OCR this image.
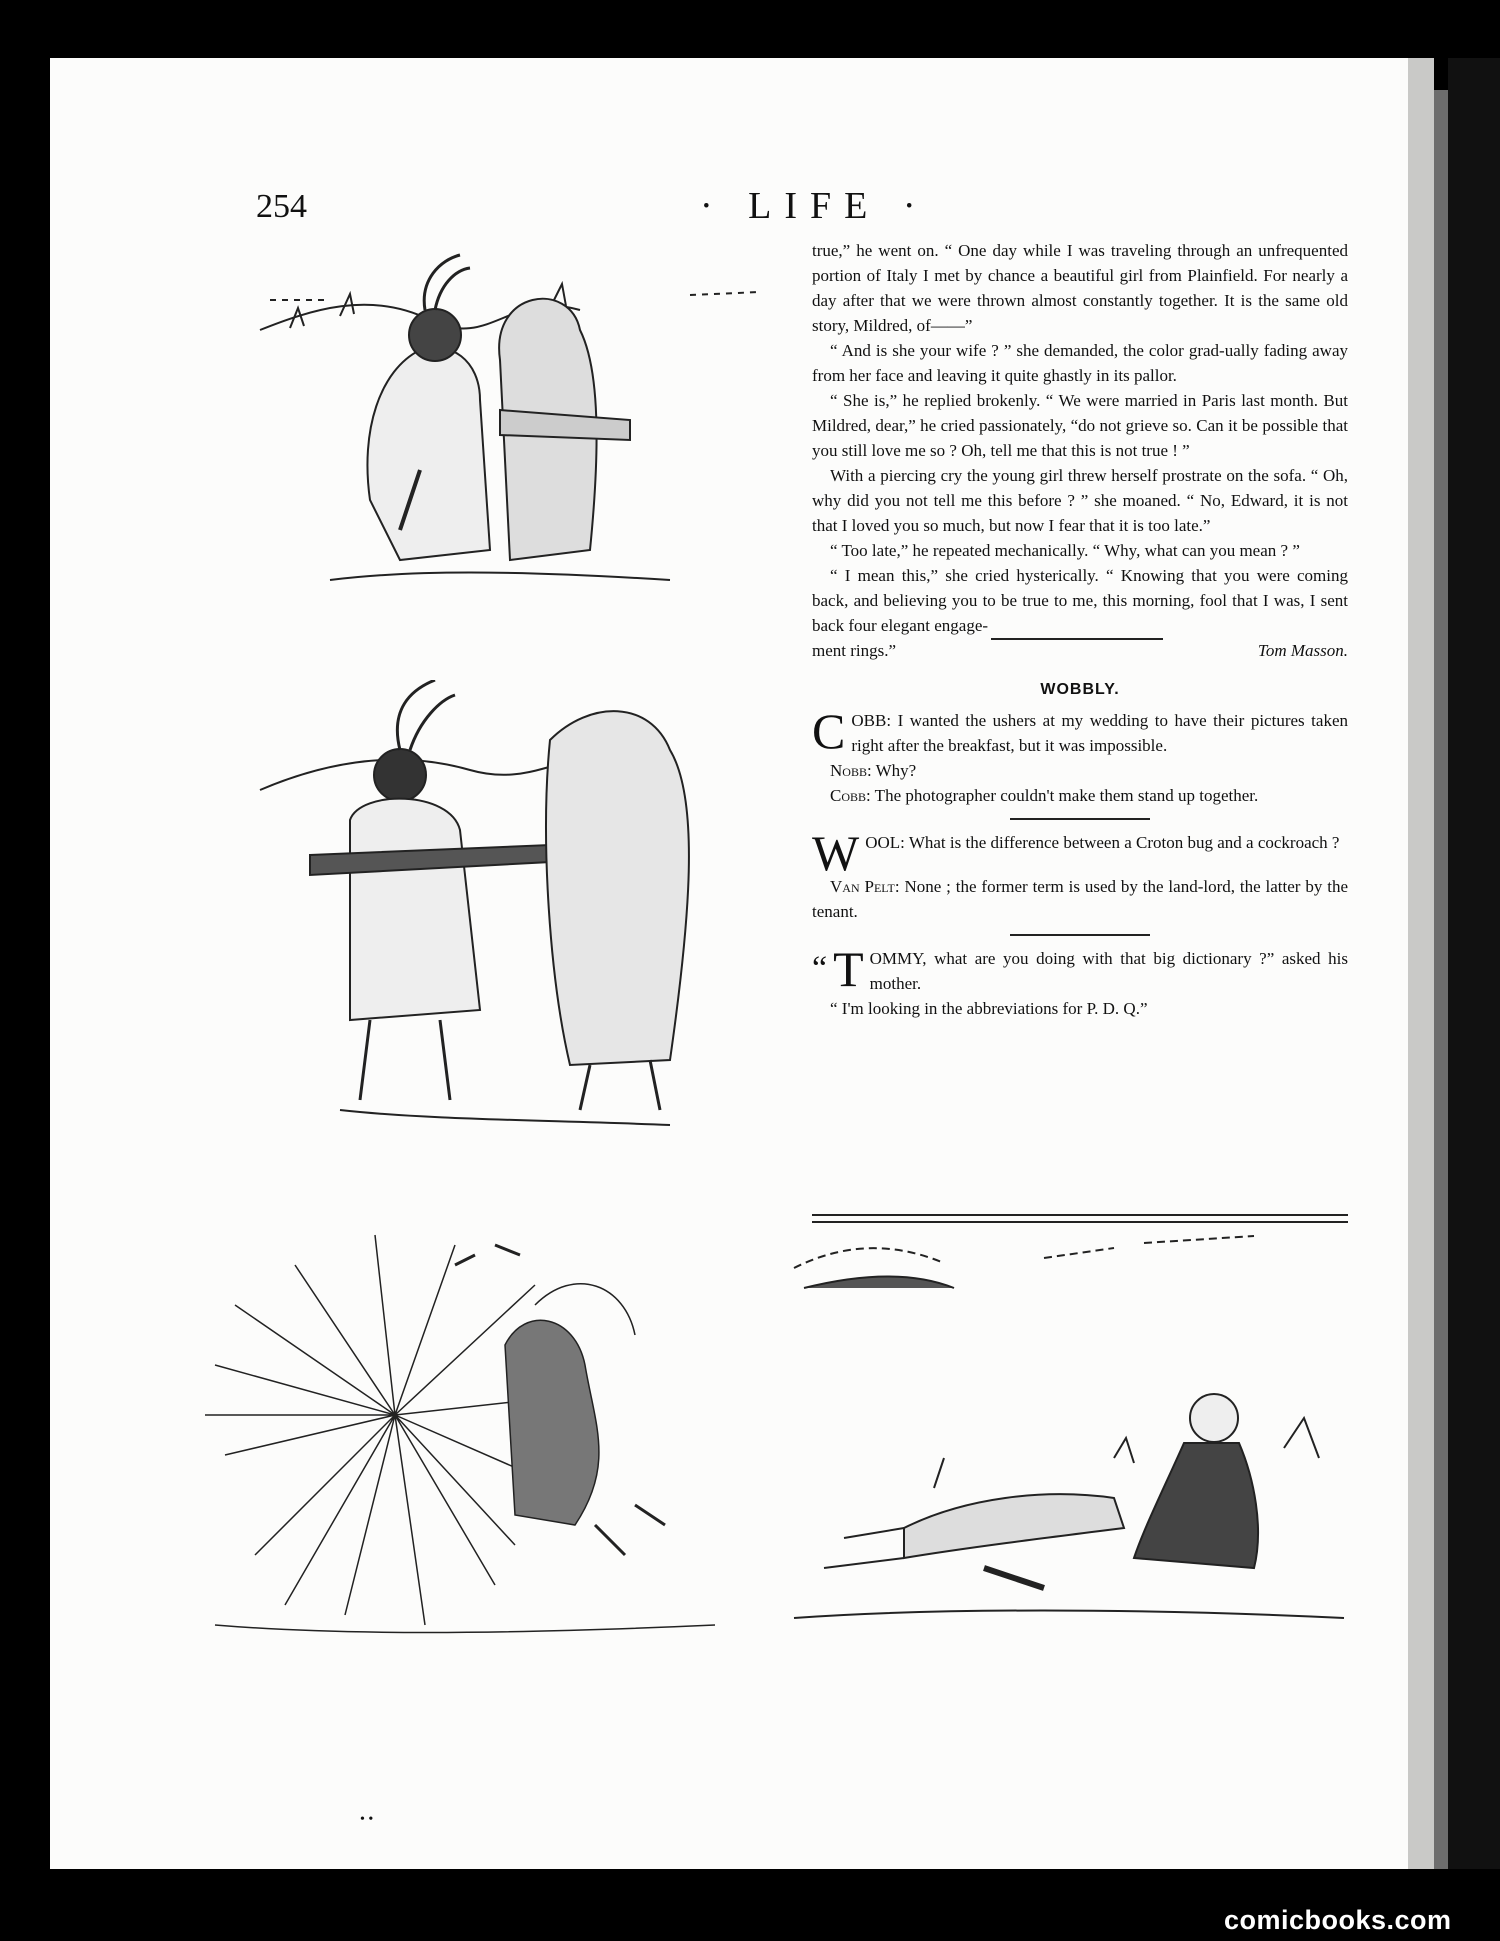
254	· LIFE ·

true,” he went on. “ One day while I was traveling through an unfrequented portion of Italy I met by chance a beautiful girl from Plainfield. For nearly a day after that we were thrown almost constantly together. It is the same old story, Mildred, of——”

“ And is she your wife ? ” she demanded, the color grad-ually fading away from her face and leaving it quite ghastly in its pallor.

“ She is,” he replied brokenly. “ We were married in Paris last month. But Mildred, dear,” he cried passionately, “do not grieve so. Can it be possible that you still love me so ? Oh, tell me that this is not true ! ”

With a piercing cry the young girl threw herself prostrate on the sofa. “ Oh, why did you not tell me this before ? ” she moaned. “ No, Edward, it is not that I loved you so much, but now I fear that it is too late.”

“ Too late,” he repeated mechanically. “ Why, what can you mean ? ”

“ I mean this,” she cried hysterically. “ Knowing that you were coming back, and believing you to be true to me, this morning, fool that I was, I sent back four elegant engage-

ment rings.”	Tom Masson.
WOBBLY.

COBB: I wanted the ushers at my wedding to have their pictures taken right after the breakfast, but it was impossible.

Nobb: Why?

Cobb: The photographer couldn't make them stand up together.

WOOL: What is the difference between a Croton bug and a cockroach ?

Van Pelt: None ; the former term is used by the land-lord, the latter by the tenant.

“ T OMMY, what are you doing with that big dictionary ?” asked his mother.

“ I'm looking in the abbreviations for P. D. Q.”

• •
comicbooks.com
